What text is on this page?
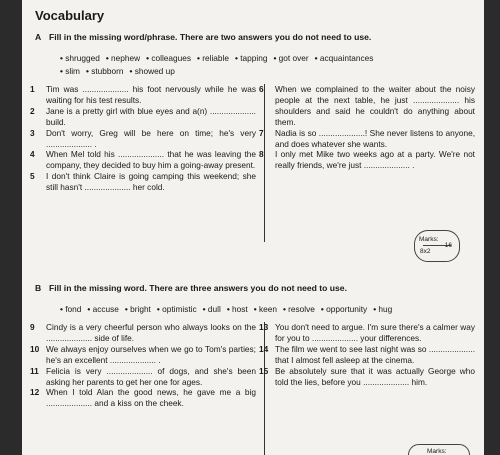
Vocabulary
A Fill in the missing word/phrase. There are two answers you do not need to use.
• shrugged • nephew • colleagues • reliable • tapping • got over • acquaintances
• slim • stubborn • showed up
1	Tim was .................... his foot nervously while he was waiting for his test results.
2	Jane is a pretty girl with blue eyes and a(n) .................... build.
3	Don't worry, Greg will be here on time; he's very .................... .
4	When Mel told his .................... that he was leaving the company, they decided to buy him a going-away present.
5	I don't think Claire is going camping this weekend; she still hasn't .................... her cold.
6	When we complained to the waiter about the noisy people at the next table, he just .................... his shoulders and said he couldn't do anything about them.
7	Nadia is so ....................! She never listens to anyone, and does whatever she wants.
8	I only met Mike two weeks ago at a party. We're not really friends, we're just .................... .
Marks:
8x2
16
B Fill in the missing word. There are three answers you do not need to use.
• fond • accuse • bright • optimistic • dull • host • keen • resolve • opportunity • hug
9	Cindy is a very cheerful person who always looks on the .................... side of life.
10 We always enjoy ourselves when we go to Tom's parties; he's an excellent .................... .
11 Felicia is very .................... of dogs, and she's been asking her parents to get her one for ages.
12 When I told Alan the good news, he gave me a big .................... and a kiss on the cheek.
13 You don't need to argue. I'm sure there's a calmer way for you to .................... your differences.
14 The film we went to see last night was so .................... that I almost fell asleep at the cinema.
15 Be absolutely sure that it was actually George who told the lies, before you .................... him.
Marks:
